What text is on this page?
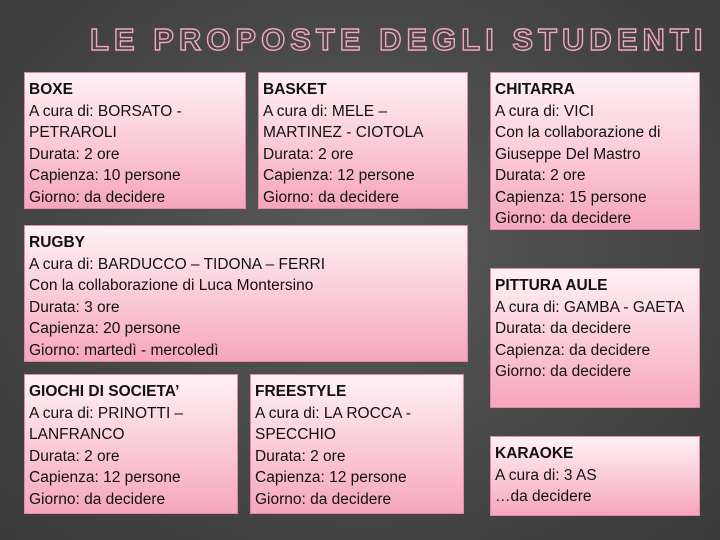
LE PROPOSTE DEGLI STUDENTI
BOXE
A cura di: BORSATO - PETRAROLI
Durata: 2 ore
Capienza: 10 persone
Giorno: da decidere
BASKET
A cura di: MELE – MARTINEZ - CIOTOLA
Durata: 2 ore
Capienza: 12 persone
Giorno: da decidere
CHITARRA
A cura di: VICI
Con la collaborazione di Giuseppe Del Mastro
Durata: 2 ore
Capienza: 15 persone
Giorno: da decidere
RUGBY
A cura di: BARDUCCO – TIDONA – FERRI
Con la collaborazione di Luca Montersino
Durata: 3 ore
Capienza: 20 persone
Giorno: martedì - mercoledì
PITTURA AULE
A cura di: GAMBA - GAETA
Durata: da decidere
Capienza: da decidere
Giorno: da decidere
GIOCHI DI SOCIETA’
A cura di: PRINOTTI – LANFRANCO
Durata: 2 ore
Capienza: 12 persone
Giorno: da decidere
FREESTYLE
A cura di: LA ROCCA - SPECCHIO
Durata: 2 ore
Capienza: 12 persone
Giorno: da decidere
KARAOKE
A cura di: 3 AS
…da decidere
